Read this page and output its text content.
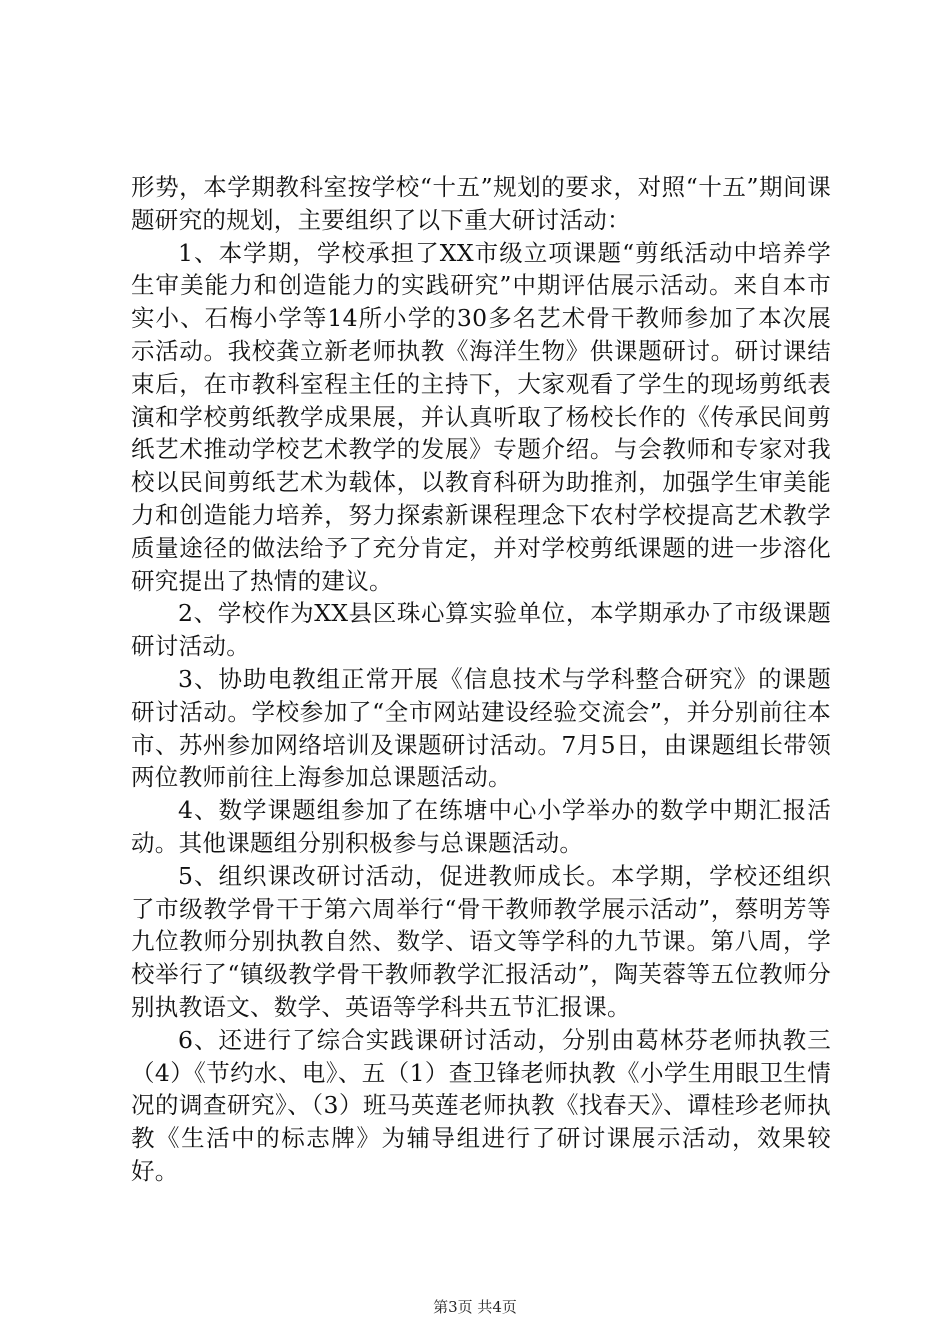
形势，本学期教科室按学校“十五”规划的要求，对照“十五”期间课题研究的规划，主要组织了以下重大研讨活动：

1、本学期，学校承担了XX市级立项课题“剪纸活动中培养学生审美能力和创造能力的实践研究”中期评估展示活动。来自本市实小、石梅小学等14所小学的30多名艺术骨干教师参加了本次展示活动。我校龚立新老师执教《海洋生物》供课题研讨。研讨课结束后，在市教科室程主任的主持下，大家观看了学生的现场剪纸表演和学校剪纸教学成果展，并认真听取了杨校长作的《传承民间剪纸艺术推动学校艺术教学的发展》专题介绍。与会教师和专家对我校以民间剪纸艺术为载体，以教育科研为助推剂，加强学生审美能力和创造能力培养，努力探索新课程理念下农村学校提高艺术教学质量途径的做法给予了充分肯定，并对学校剪纸课题的进一步溶化研究提出了热情的建议。

2、学校作为XX县区珠心算实验单位，本学期承办了市级课题研讨活动。

3、协助电教组正常开展《信息技术与学科整合研究》的课题研讨活动。学校参加了“全市网站建设经验交流会”，并分别前往本市、苏州参加网络培训及课题研讨活动。7月5日，由课题组长带领两位教师前往上海参加总课题活动。

4、数学课题组参加了在练塘中心小学举办的数学中期汇报活动。其他课题组分别积极参与总课题活动。

5、组织课改研讨活动，促进教师成长。本学期，学校还组织了市级教学骨干于第六周举行“骨干教师教学展示活动”，蔡明芳等九位教师分别执教自然、数学、语文等学科的九节课。第八周，学校举行了“镇级教学骨干教师教学汇报活动”，陶芙蓉等五位教师分别执教语文、数学、英语等学科共五节汇报课。

6、还进行了综合实践课研讨活动，分别由葛林芬老师执教三（4）《节约水、电》、五（1）查卫锋老师执教《小学生用眼卫生情况的调查研究》、（3）班马英莲老师执教《找春天》、谭桂珍老师执教《生活中的标志牌》为辅导组进行了研讨课展示活动，效果较好。

第3页 共4页
